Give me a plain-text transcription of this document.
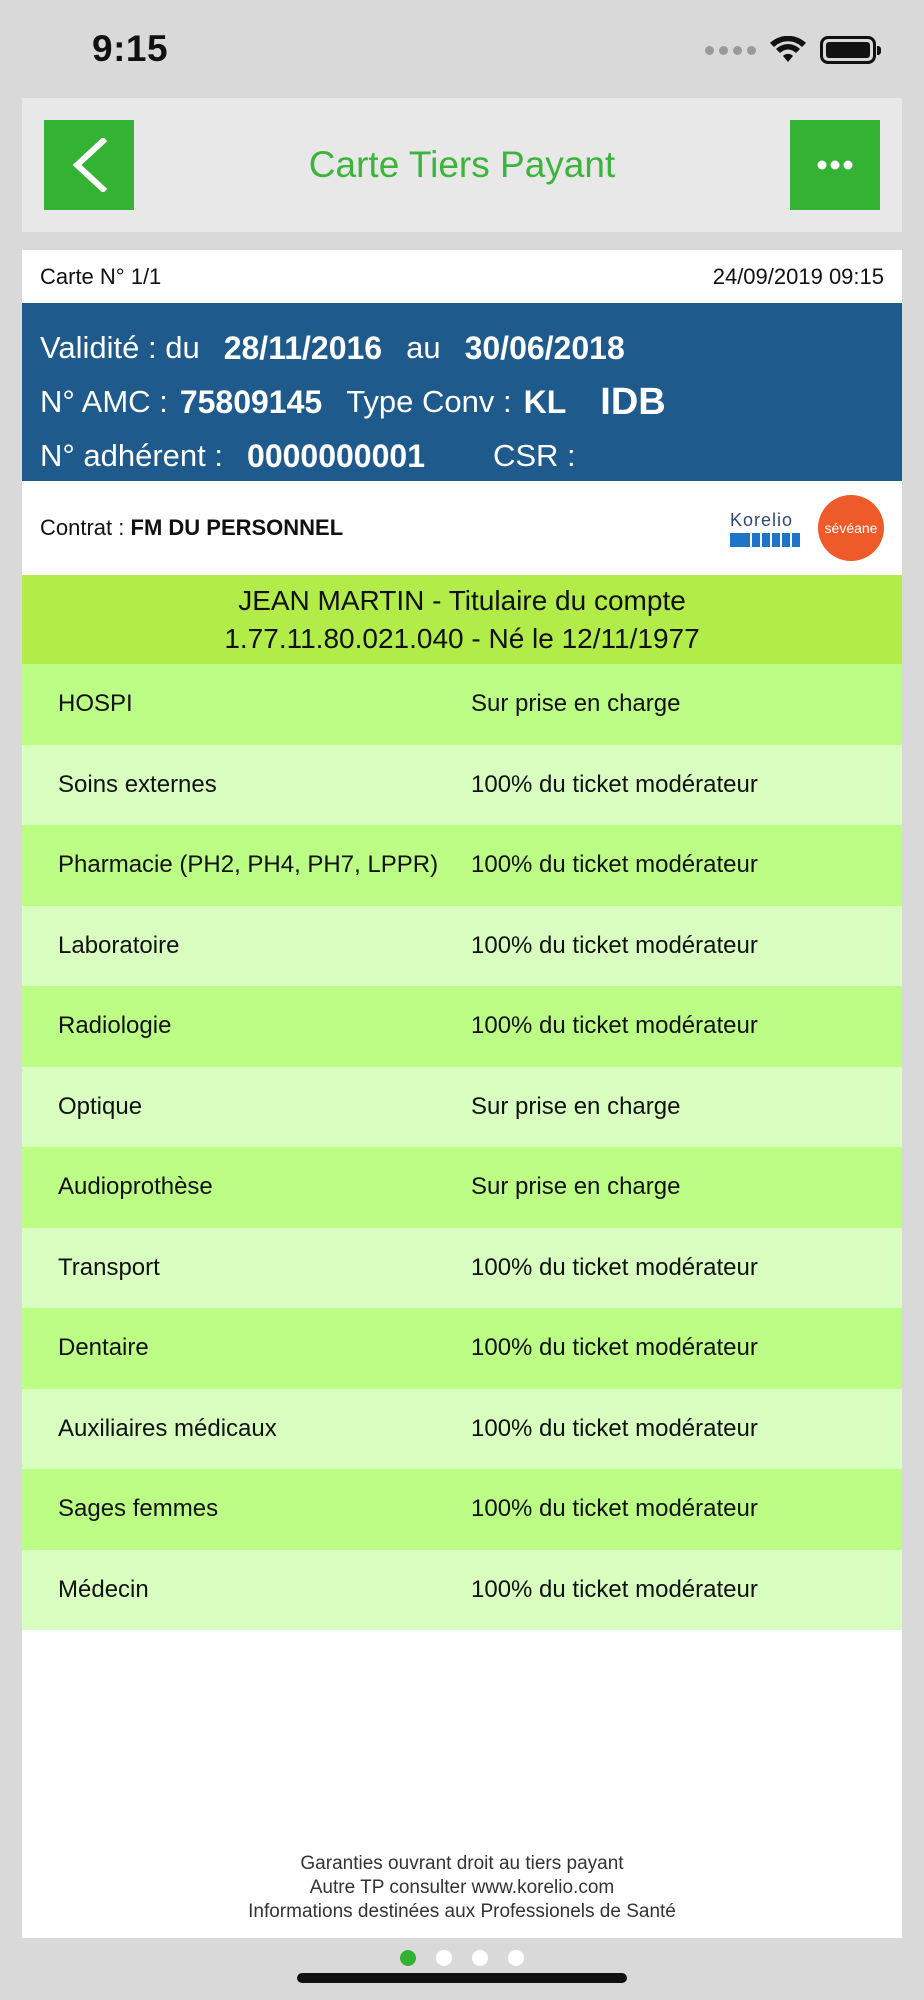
9:15
Carte Tiers Payant
Carte N° 1/1	24/09/2019 09:15
Validité : du 28/11/2016 au 30/06/2018
N° AMC : 75809145 Type Conv : KL IDB
N° adhérent : 0000000001 CSR :
Contrat : FM DU PERSONNEL	Korelio sévéane
JEAN MARTIN - Titulaire du compte
1.77.11.80.021.040 - Né le 12/11/1977
HOSPI	Sur prise en charge
Soins externes	100% du ticket modérateur
Pharmacie (PH2, PH4, PH7, LPPR)	100% du ticket modérateur
Laboratoire	100% du ticket modérateur
Radiologie	100% du ticket modérateur
Optique	Sur prise en charge
Audioprothèse	Sur prise en charge
Transport	100% du ticket modérateur
Dentaire	100% du ticket modérateur
Auxiliaires médicaux	100% du ticket modérateur
Sages femmes	100% du ticket modérateur
Médecin	100% du ticket modérateur
Garanties ouvrant droit au tiers payant
Autre TP consulter www.korelio.com
Informations destinées aux Professionels de Santé
